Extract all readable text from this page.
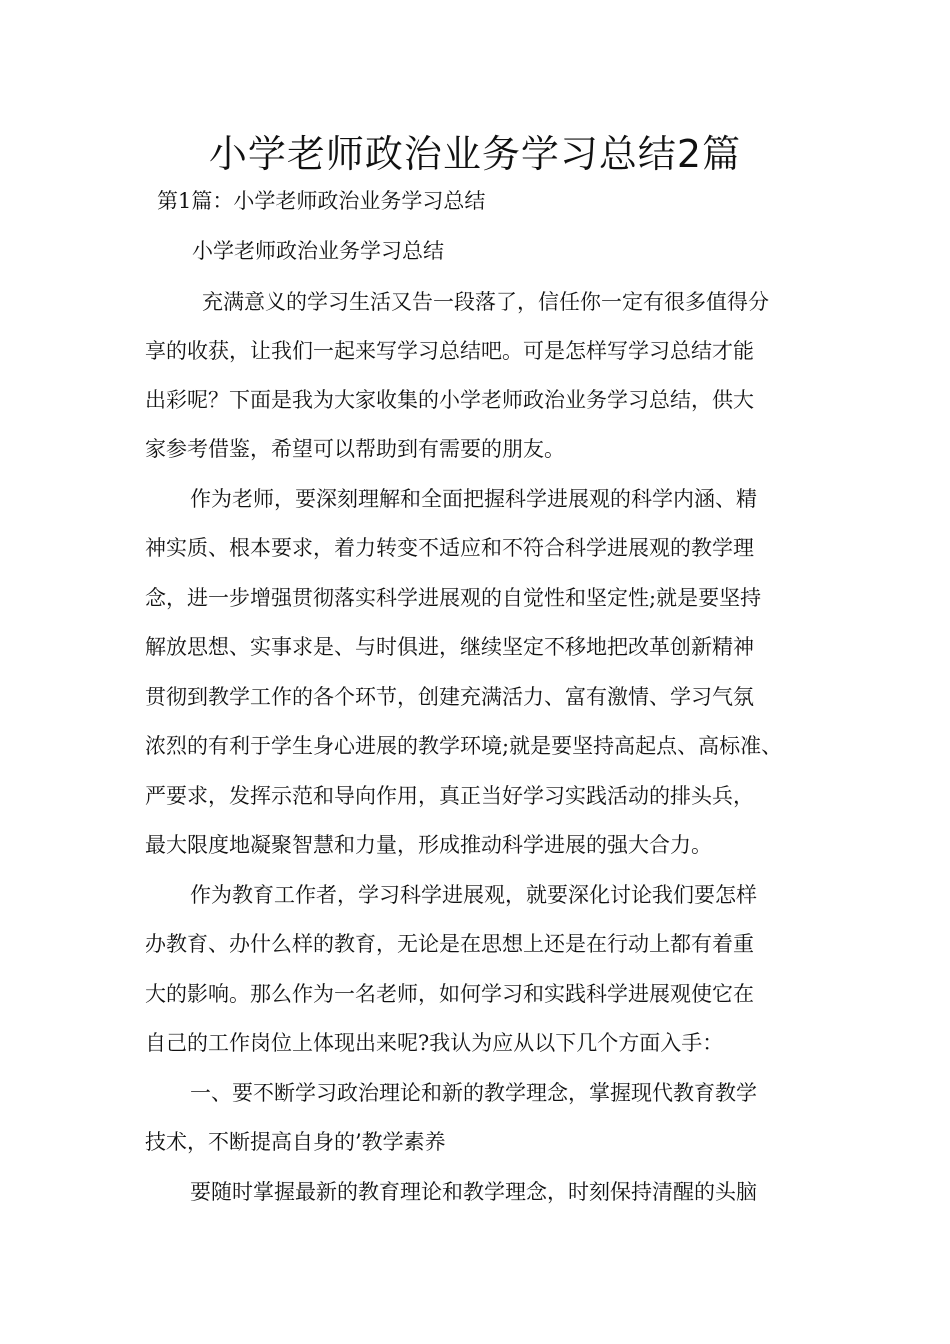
小学老师政治业务学习总结2篇

第1篇：小学老师政治业务学习总结

小学老师政治业务学习总结

充满意义的学习生活又告一段落了，信任你一定有很多值得分

享的收获，让我们一起来写学习总结吧。可是怎样写学习总结才能

出彩呢？下面是我为大家收集的小学老师政治业务学习总结，供大

家参考借鉴，希望可以帮助到有需要的朋友。

作为老师，要深刻理解和全面把握科学进展观的科学内涵、精

神实质、根本要求，着力转变不适应和不符合科学进展观的教学理

念，进一步增强贯彻落实科学进展观的自觉性和坚定性;就是要坚持

解放思想、实事求是、与时俱进，继续坚定不移地把改革创新精神

贯彻到教学工作的各个环节，创建充满活力、富有激情、学习气氛

浓烈的有利于学生身心进展的教学环境;就是要坚持高起点、高标准、

严要求，发挥示范和导向作用，真正当好学习实践活动的排头兵，

最大限度地凝聚智慧和力量，形成推动科学进展的强大合力。

作为教育工作者，学习科学进展观，就要深化讨论我们要怎样

办教育、办什么样的教育，无论是在思想上还是在行动上都有着重

大的影响。那么作为一名老师，如何学习和实践科学进展观使它在

自己的工作岗位上体现出来呢?我认为应从以下几个方面入手：

一、要不断学习政治理论和新的教学理念，掌握现代教育教学

技术，不断提高自身的’教学素养

要随时掌握最新的教育理论和教学理念，时刻保持清醒的头脑
